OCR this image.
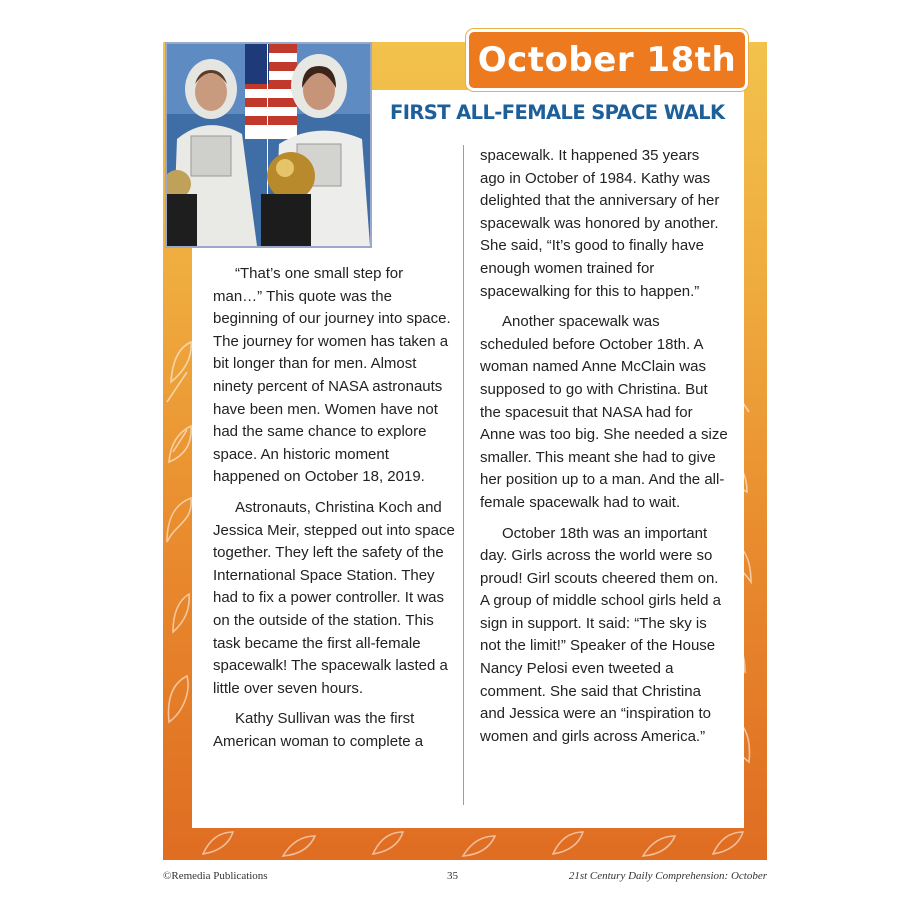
October 18th
FIRST ALL-FEMALE SPACE WALK

“That’s one small step for man…” This quote was the beginning of our journey into space. The journey for women has taken a bit longer than for men. Almost ninety percent of NASA astronauts have been men. Women have not had the same chance to explore space. An historic moment happened on October 18, 2019.

Astronauts, Christina Koch and Jessica Meir, stepped out into space together. They left the safety of the International Space Station. They had to fix a power controller. It was on the outside of the station. This task became the first all-female spacewalk! The spacewalk lasted a little over seven hours.

Kathy Sullivan was the first American woman to complete a

spacewalk. It happened 35 years ago in October of 1984. Kathy was delighted that the anniversary of her spacewalk was honored by another. She said, “It’s good to finally have enough women trained for spacewalking for this to happen.”

Another spacewalk was scheduled before October 18th. A woman named Anne McClain was supposed to go with Christina. But the spacesuit that NASA had for Anne was too big. She needed a size smaller. This meant she had to give her position up to a man. And the all-female spacewalk had to wait.

October 18th was an important day. Girls across the world were so proud! Girl scouts cheered them on. A group of middle school girls held a sign in support. It said: “The sky is not the limit!” Speaker of the House Nancy Pelosi even tweeted a comment. She said that Christina and Jessica were an “inspiration to women and girls across America.”

©Remedia Publications	35	21st Century Daily Comprehension: October
